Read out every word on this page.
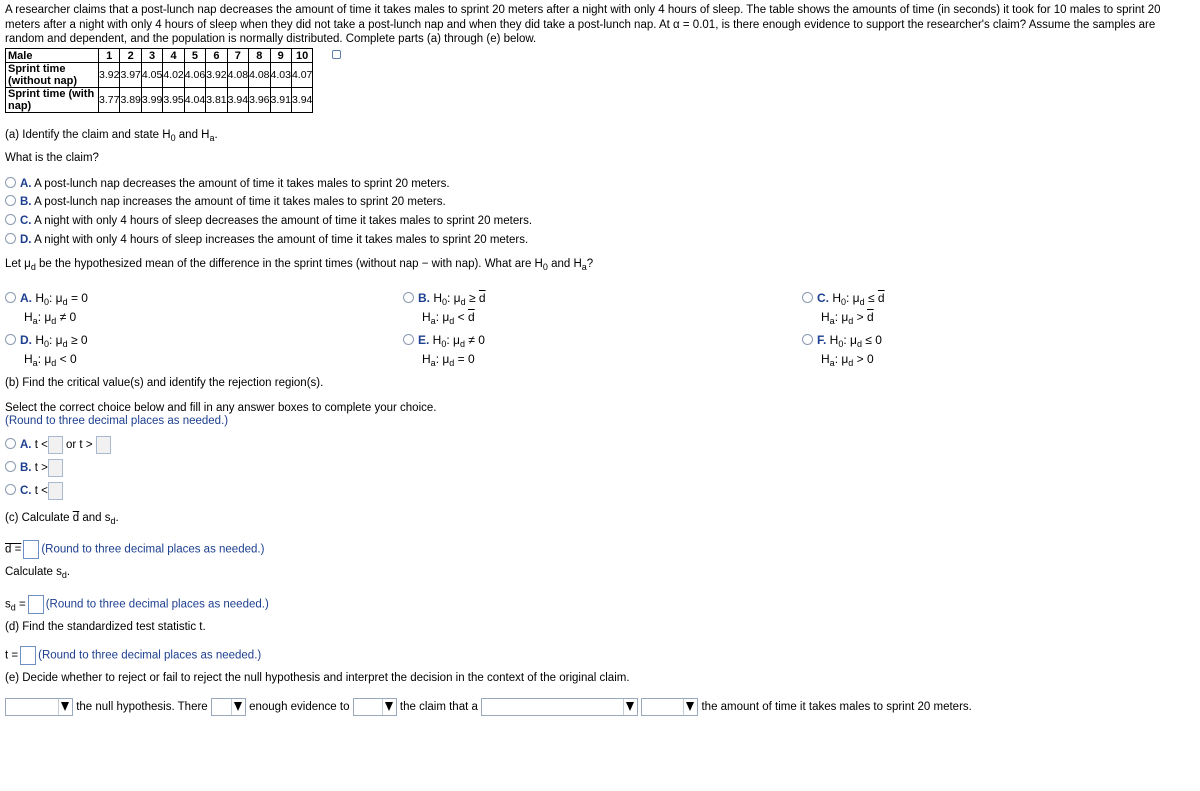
A researcher claims that a post-lunch nap decreases the amount of time it takes males to sprint 20 meters after a night with only 4 hours of sleep. The table shows the amounts of time (in seconds) it took for 10 males to sprint 20 meters after a night with only 4 hours of sleep when they did not take a post-lunch nap and when they did take a post-lunch nap. At α = 0.01, is there enough evidence to support the researcher's claim? Assume the samples are random and dependent, and the population is normally distributed. Complete parts (a) through (e) below.
Male	1	2	3	4	5	6	7	8	9	10
Sprint time (without nap)	3.92	3.97	4.05	4.02	4.06	3.92	4.08	4.08	4.03	4.07
Sprint time (with nap)	3.77	3.89	3.99	3.95	4.04	3.81	3.94	3.96	3.91	3.94
(a) Identify the claim and state $H_0$ and $H_a$.
What is the claim?
A. A post-lunch nap decreases the amount of time it takes males to sprint 20 meters.
B. A post-lunch nap increases the amount of time it takes males to sprint 20 meters.
C. A night with only 4 hours of sleep decreases the amount of time it takes males to sprint 20 meters.
D. A night with only 4 hours of sleep increases the amount of time it takes males to sprint 20 meters.
Let $\mu_d$ be the hypothesized mean of the difference in the sprint times (without nap − with nap). What are $H_0$ and $H_a$?
A. $H_0$: $\mu_d = 0$
$H_a$: $\mu_d \ne 0$
B. $H_0$: $\mu_d \ge \overline{d}$
$H_a$: $\mu_d < \overline{d}$
C. $H_0$: $\mu_d \le \overline{d}$
$H_a$: $\mu_d > \overline{d}$
D. $H_0$: $\mu_d \ge 0$
$H_a$: $\mu_d < 0$
E. $H_0$: $\mu_d \ne 0$
$H_a$: $\mu_d = 0$
F. $H_0$: $\mu_d \le 0$
$H_a$: $\mu_d > 0$
(b) Find the critical value(s) and identify the rejection region(s).
Select the correct choice below and fill in any answer boxes to complete your choice.
(Round to three decimal places as needed.)
A. t < or t >
B. t >
C. t <
(c) Calculate $\overline{d}$ and $s_d$.
d = (Round to three decimal places as needed.)
Calculate $s_d$.
$s_d$ = (Round to three decimal places as needed.)
(d) Find the standardized test statistic t.
t = (Round to three decimal places as needed.)
(e) Decide whether to reject or fail to reject the null hypothesis and interpret the decision in the context of the original claim.
the null hypothesis. There	enough evidence to	the claim that a
	the amount of time it takes males to sprint 20 meters.
